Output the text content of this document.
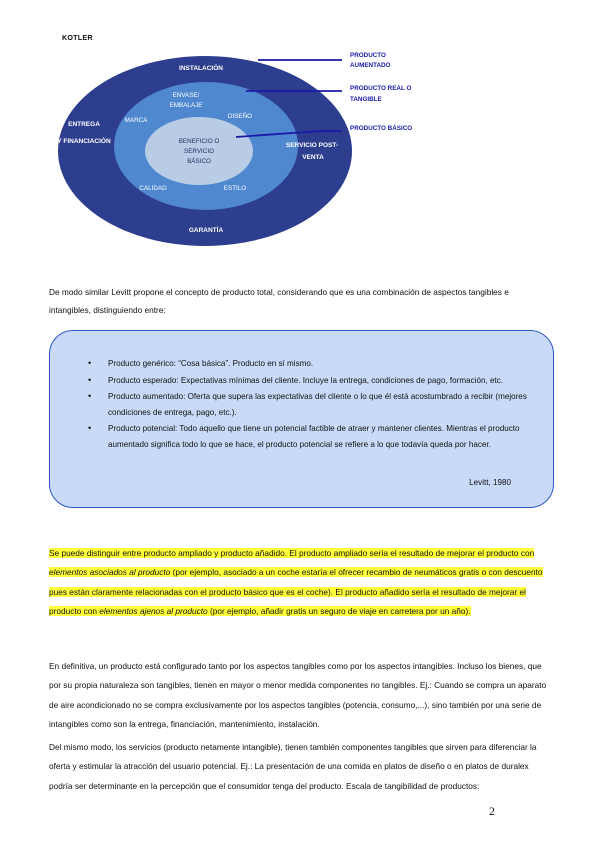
KOTLER
INSTALACIÓN
ENTREGA
Y FINANCIACIÓN
SERVICIO POST-
VENTA
GARANTÍA
ENVASE/
EMBALAJE
MARCA
DISEÑO
CALIDAD	ESTILO
BENEFICIO O
SERVICIO
BÁSICO
PRODUCTO
AUMENTADO
PRODUCTO REAL O
TANGIBLE
PRODUCTO BÁSICO

De modo similar Levitt propone el concepto de producto total, considerando que es una combinación de aspectos tangibles e intangibles, distinguiendo entre:

• Producto genérico: “Cosa básica”. Producto en sí mismo.
• Producto esperado: Expectativas mínimas del cliente. Incluye la entrega, condiciones de pago, formación, etc.
• Producto aumentado: Oferta que supera las expectativas del cliente o lo que él está acostumbrado a recibir (mejores condiciones de entrega, pago, etc.).
• Producto potencial: Todo aquello que tiene un potencial factible de atraer y mantener clientes. Mientras el producto aumentado significa todo lo que se hace, el producto potencial se refiere a lo que todavía queda por hacer.
Levitt, 1980

Se puede distinguir entre producto ampliado y producto añadido. El producto ampliado sería el resultado de mejorar el producto con elementos asociados al producto (por ejemplo, asociado a un coche estaría el ofrecer recambio de neumáticos gratis o con descuento pues están claramente relacionadas con el producto básico que es el coche). El producto añadido sería el resultado de mejorar el producto con elementos ajenos al producto (por ejemplo, añadir gratis un seguro de viaje en carretera por un año).

En definitiva, un producto está configurado tanto por los aspectos tangibles como por los aspectos intangibles. Incluso los bienes, que por su propia naturaleza son tangibles, tienen en mayor o menor medida componentes no tangibles. Ej.: Cuando se compra un aparato de aire acondicionado no se compra exclusivamente por los aspectos tangibles (potencia, consumo,...), sino también por una serie de intangibles como son la entrega, financiación, mantenimiento, instalación.

Del mismo modo, los servicios (producto netamente intangible), tienen también componentes tangibles que sirven para diferenciar la oferta y estimular la atracción del usuario potencial. Ej.: La presentación de una comida en platos de diseño o en platos de duralex podría ser determinante en la percepción que el consumidor tenga del producto. Escala de tangibilidad de productos:

2
